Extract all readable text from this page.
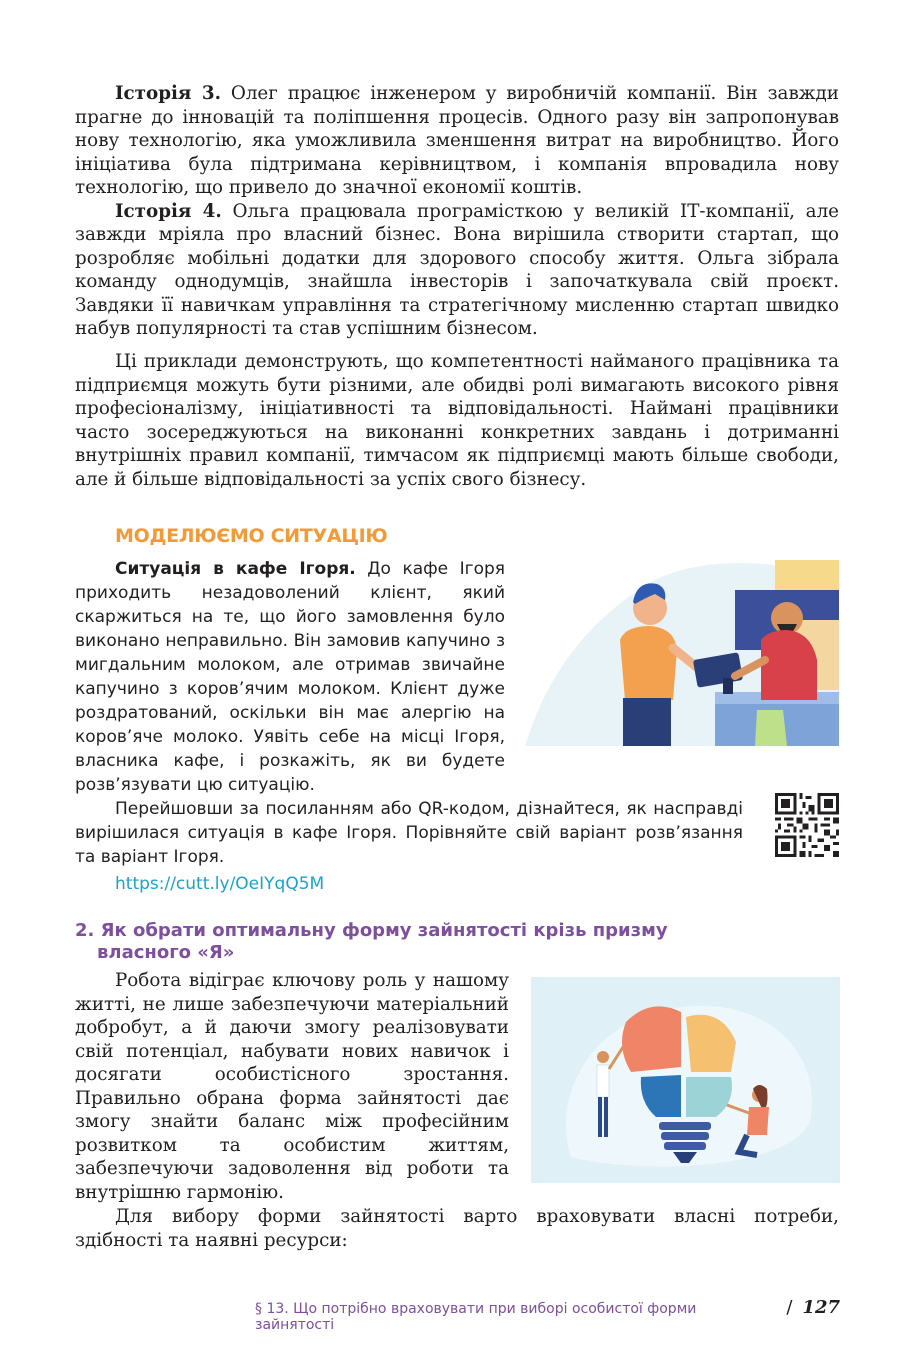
Історія 3. Олег працює інженером у виробничій компанії. Він завжди прагне до інновацій та поліпшення процесів. Одного разу він запропонував нову технологію, яка уможливила зменшення витрат на виробництво. Його ініціатива була підтримана керівництвом, і компанія впровадила нову технологію, що привело до значної економії коштів.

Історія 4. Ольга працювала програмісткою у великій ІТ-компанії, але завжди мріяла про власний бізнес. Вона вирішила створити стартап, що розробляє мобільні додатки для здорового способу життя. Ольга зібрала команду однодумців, знайшла інвесторів і започаткувала свій проєкт. Завдяки її навичкам управління та стратегічному мисленню стартап швидко набув популярності та став успішним бізнесом.

Ці приклади демонструють, що компетентності найманого працівника та підприємця можуть бути різними, але обидві ролі вимагають високого рівня професіоналізму, ініціативності та відповідальності. Наймані працівники часто зосереджуються на виконанні конкретних завдань і дотриманні внутрішніх правил компанії, тимчасом як підприємці мають більше свободи, але й більше відповідальності за успіх свого бізнесу.

МОДЕЛЮЄМО СИТУАЦІЮ

Ситуація в кафе Ігоря. До кафе Ігоря приходить незадоволений клієнт, який скаржиться на те, що його замовлення було виконано неправильно. Він замовив капучино з мигдальним молоком, але отримав звичайне капучино з коров’ячим молоком. Клієнт дуже роздратований, оскільки він має алергію на коров’яче молоко. Уявіть себе на місці Ігоря, власника кафе, і розкажіть, як ви будете розв’язувати цю ситуацію.

Перейшовши за посиланням або QR-кодом, дізнайтеся, як насправді вирішилася ситуація в кафе Ігоря. Порівняйте свій варіант розв’язання та варіант Ігоря.

https://cutt.ly/OeIYqQ5M
2. Як обрати оптимальну форму зайнятості крізь призму
власного «Я»

Робота відіграє ключову роль у нашому житті, не лише забезпечуючи матеріальний добробут, а й даючи змогу реалізовувати свій потенціал, набувати нових навичок і досягати особистісного зростання. Правильно обрана форма зайнятості дає змогу знайти баланс між професійним розвитком та особистим життям, забезпечуючи задоволення від роботи та внутрішню гармонію.

Для вибору форми зайнятості варто враховувати власні потреби, здібності та наявні ресурси:

§ 13. Що потрібно враховувати при виборі особистої форми зайнятості
/ 127
